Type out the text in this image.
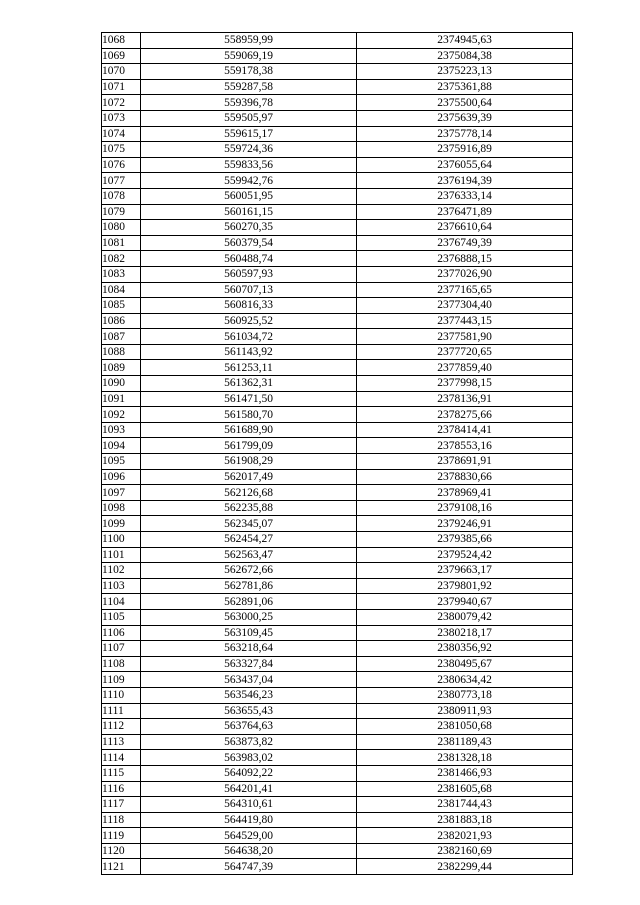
1068	558959,99	2374945,63
1069	559069,19	2375084,38
1070	559178,38	2375223,13
1071	559287,58	2375361,88
1072	559396,78	2375500,64
1073	559505,97	2375639,39
1074	559615,17	2375778,14
1075	559724,36	2375916,89
1076	559833,56	2376055,64
1077	559942,76	2376194,39
1078	560051,95	2376333,14
1079	560161,15	2376471,89
1080	560270,35	2376610,64
1081	560379,54	2376749,39
1082	560488,74	2376888,15
1083	560597,93	2377026,90
1084	560707,13	2377165,65
1085	560816,33	2377304,40
1086	560925,52	2377443,15
1087	561034,72	2377581,90
1088	561143,92	2377720,65
1089	561253,11	2377859,40
1090	561362,31	2377998,15
1091	561471,50	2378136,91
1092	561580,70	2378275,66
1093	561689,90	2378414,41
1094	561799,09	2378553,16
1095	561908,29	2378691,91
1096	562017,49	2378830,66
1097	562126,68	2378969,41
1098	562235,88	2379108,16
1099	562345,07	2379246,91
1100	562454,27	2379385,66
1101	562563,47	2379524,42
1102	562672,66	2379663,17
1103	562781,86	2379801,92
1104	562891,06	2379940,67
1105	563000,25	2380079,42
1106	563109,45	2380218,17
1107	563218,64	2380356,92
1108	563327,84	2380495,67
1109	563437,04	2380634,42
1110	563546,23	2380773,18
1111	563655,43	2380911,93
1112	563764,63	2381050,68
1113	563873,82	2381189,43
1114	563983,02	2381328,18
1115	564092,22	2381466,93
1116	564201,41	2381605,68
1117	564310,61	2381744,43
1118	564419,80	2381883,18
1119	564529,00	2382021,93
1120	564638,20	2382160,69
1121	564747,39	2382299,44
